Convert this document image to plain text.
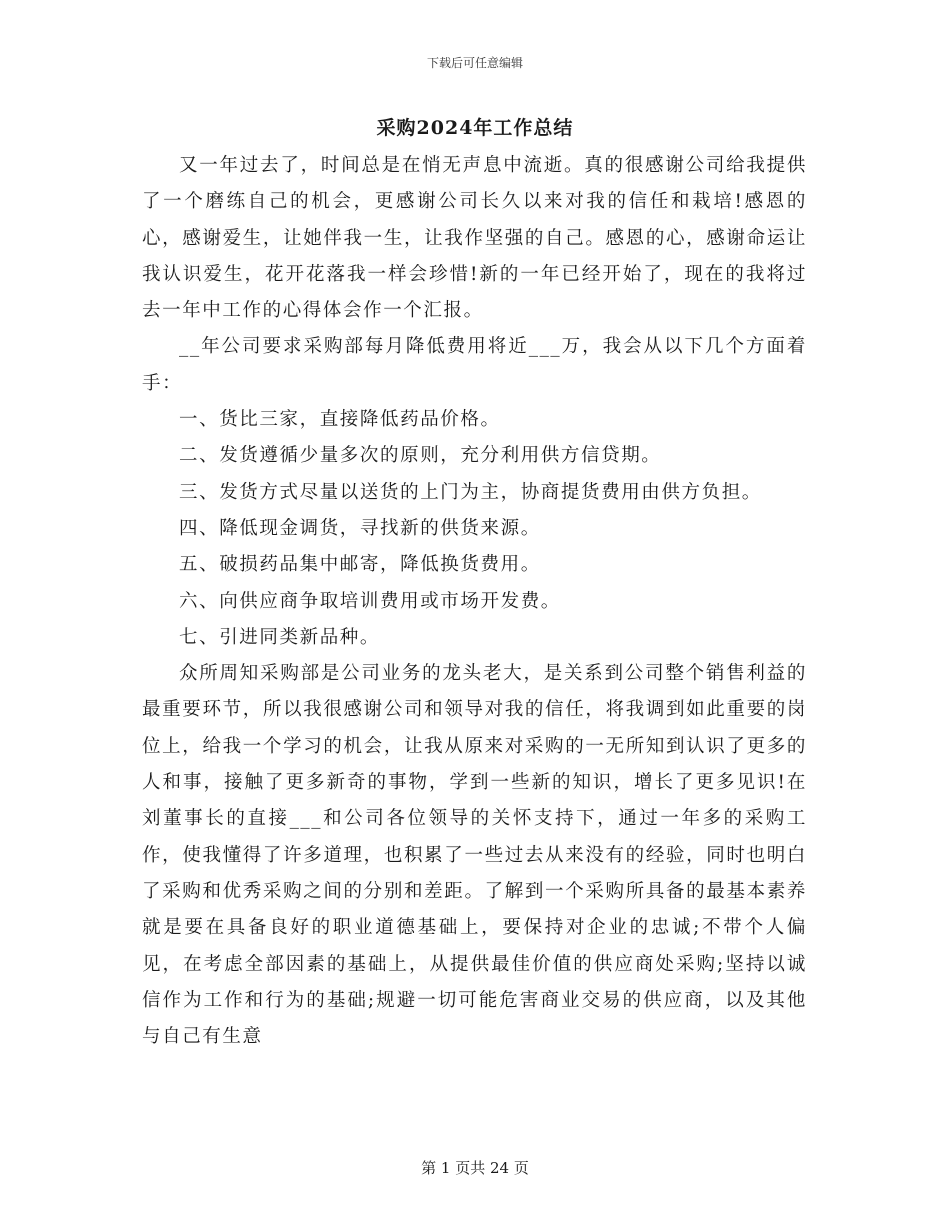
下载后可任意编辑
采购2024年工作总结

又一年过去了，时间总是在悄无声息中流逝。真的很感谢公司给我提供了一个磨练自己的机会，更感谢公司长久以来对我的信任和栽培!感恩的心，感谢爱生，让她伴我一生，让我作坚强的自己。感恩的心，感谢命运让我认识爱生，花开花落我一样会珍惜!新的一年已经开始了，现在的我将过去一年中工作的心得体会作一个汇报。

__年公司要求采购部每月降低费用将近___万，我会从以下几个方面着手：

一、货比三家，直接降低药品价格。

二、发货遵循少量多次的原则，充分利用供方信贷期。

三、发货方式尽量以送货的上门为主，协商提货费用由供方负担。

四、降低现金调货，寻找新的供货来源。

五、破损药品集中邮寄，降低换货费用。

六、向供应商争取培训费用或市场开发费。

七、引进同类新品种。

众所周知采购部是公司业务的龙头老大，是关系到公司整个销售利益的最重要环节，所以我很感谢公司和领导对我的信任，将我调到如此重要的岗位上，给我一个学习的机会，让我从原来对采购的一无所知到认识了更多的人和事，接触了更多新奇的事物，学到一些新的知识，增长了更多见识!在刘董事长的直接___和公司各位领导的关怀支持下，通过一年多的采购工作，使我懂得了许多道理，也积累了一些过去从来没有的经验，同时也明白了采购和优秀采购之间的分别和差距。了解到一个采购所具备的最基本素养就是要在具备良好的职业道德基础上，要保持对企业的忠诚;不带个人偏见，在考虑全部因素的基础上，从提供最佳价值的供应商处采购;坚持以诚信作为工作和行为的基础;规避一切可能危害商业交易的供应商，以及其他与自己有生意

第 1 页共 24 页
